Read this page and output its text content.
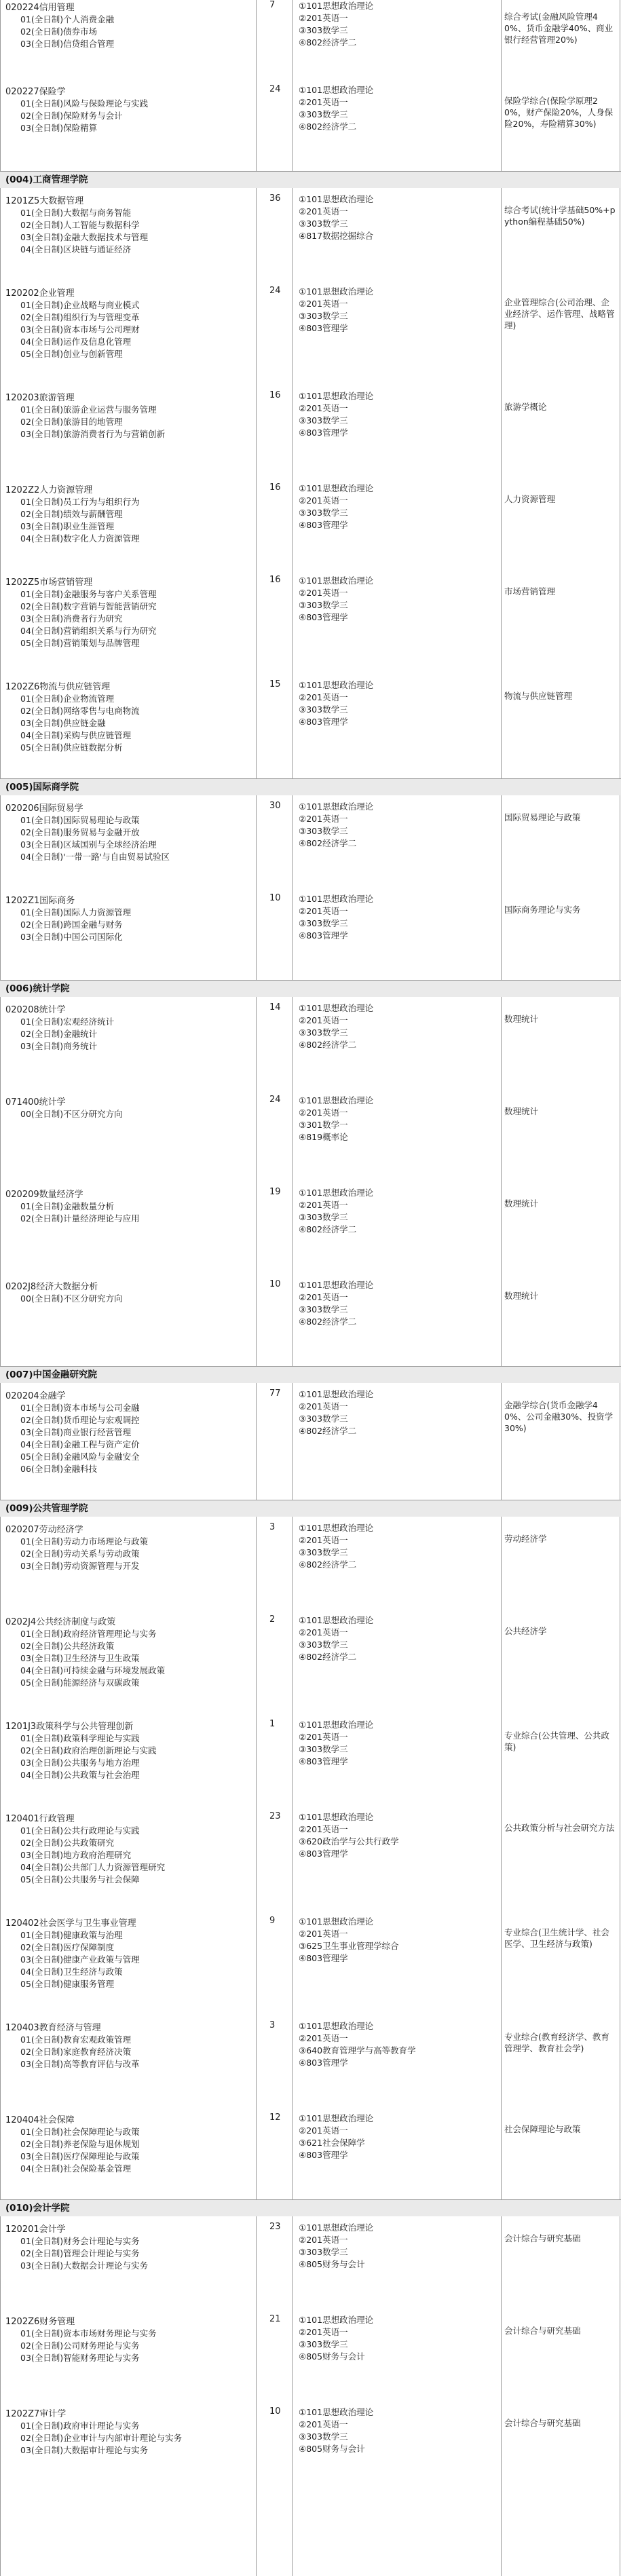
020224信用管理	7
01(全日制)个人消费金融
02(全日制)债券市场
03(全日制)信贷组合管理
①101思想政治理论
②201英语一
③303数学三
④802经济学二
综合考试(金融风险管理40%、货币金融学40%、商业银行经营管理20%)
020227保险学	24
01(全日制)风险与保险理论与实践
02(全日制)保险财务与会计
03(全日制)保险精算
①101思想政治理论
②201英语一
③303数学三
④802经济学二
保险学综合(保险学原理20%，财产保险20%，人身保险20%，寿险精算30%)
(004)工商管理学院
1201Z5大数据管理	36
01(全日制)大数据与商务智能
02(全日制)人工智能与数据科学
03(全日制)金融大数据技术与管理
04(全日制)区块链与通证经济
①101思想政治理论
②201英语一
③303数学三
④817数据挖掘综合
综合考试(统计学基础50%+python编程基础50%)
120202企业管理	24
01(全日制)企业战略与商业模式
02(全日制)组织行为与管理变革
03(全日制)资本市场与公司理财
04(全日制)运作及信息化管理
05(全日制)创业与创新管理
①101思想政治理论
②201英语一
③303数学三
④803管理学
企业管理综合(公司治理、企业经济学、运作管理、战略管理)
120203旅游管理	16
01(全日制)旅游企业运营与服务管理
02(全日制)旅游目的地管理
03(全日制)旅游消费者行为与营销创新
①101思想政治理论
②201英语一
③303数学三
④803管理学
旅游学概论
1202Z2人力资源管理	16
01(全日制)员工行为与组织行为
02(全日制)绩效与薪酬管理
03(全日制)职业生涯管理
04(全日制)数字化人力资源管理
①101思想政治理论
②201英语一
③303数学三
④803管理学
人力资源管理
1202Z5市场营销管理	16
01(全日制)金融服务与客户关系管理
02(全日制)数字营销与智能营销研究
03(全日制)消费者行为研究
04(全日制)营销组织关系与行为研究
05(全日制)营销策划与品牌管理
①101思想政治理论
②201英语一
③303数学三
④803管理学
市场营销管理
1202Z6物流与供应链管理	15
01(全日制)企业物流管理
02(全日制)网络零售与电商物流
03(全日制)供应链金融
04(全日制)采购与供应链管理
05(全日制)供应链数据分析
①101思想政治理论
②201英语一
③303数学三
④803管理学
物流与供应链管理
(005)国际商学院
020206国际贸易学	30
01(全日制)国际贸易理论与政策
02(全日制)服务贸易与金融开放
03(全日制)区域国别与全球经济治理
04(全日制)'一带一路'与自由贸易试验区
①101思想政治理论
②201英语一
③303数学三
④802经济学二
国际贸易理论与政策
1202Z1国际商务	10
01(全日制)国际人力资源管理
02(全日制)跨国金融与财务
03(全日制)中国公司国际化
①101思想政治理论
②201英语一
③303数学三
④803管理学
国际商务理论与实务
(006)统计学院
020208统计学	14
01(全日制)宏观经济统计
02(全日制)金融统计
03(全日制)商务统计
①101思想政治理论
②201英语一
③303数学三
④802经济学二
数理统计
071400统计学	24
00(全日制)不区分研究方向
①101思想政治理论
②201英语一
③301数学一
④819概率论
数理统计
020209数量经济学	19
01(全日制)金融数量分析
02(全日制)计量经济理论与应用
①101思想政治理论
②201英语一
③303数学三
④802经济学二
数理统计
0202J8经济大数据分析	10
00(全日制)不区分研究方向
①101思想政治理论
②201英语一
③303数学三
④802经济学二
数理统计
(007)中国金融研究院
020204金融学	77
01(全日制)资本市场与公司金融
02(全日制)货币理论与宏观调控
03(全日制)商业银行经营管理
04(全日制)金融工程与资产定价
05(全日制)金融风险与金融安全
06(全日制)金融科技
①101思想政治理论
②201英语一
③303数学三
④802经济学二
金融学综合(货币金融学40%、公司金融30%、投资学30%)
(009)公共管理学院
020207劳动经济学	3
01(全日制)劳动力市场理论与政策
02(全日制)劳动关系与劳动政策
03(全日制)劳动资源管理与开发
①101思想政治理论
②201英语一
③303数学三
④802经济学二
劳动经济学
0202J4公共经济制度与政策	2
01(全日制)政府经济管理理论与实务
02(全日制)公共经济政策
03(全日制)卫生经济与卫生政策
04(全日制)可持续金融与环境发展政策
05(全日制)能源经济与双碳政策
①101思想政治理论
②201英语一
③303数学三
④802经济学二
公共经济学
1201J3政策科学与公共管理创新	1
01(全日制)政策科学理论与实践
02(全日制)政府治理创新理论与实践
03(全日制)公共服务与地方治理
04(全日制)公共政策与社会治理
①101思想政治理论
②201英语一
③303数学三
④803管理学
专业综合(公共管理、公共政策)
120401行政管理	23
01(全日制)公共行政理论与实践
02(全日制)公共政策研究
03(全日制)地方政府治理研究
04(全日制)公共部门人力资源管理研究
05(全日制)公共服务与社会保障
①101思想政治理论
②201英语一
③620政治学与公共行政学
④803管理学
公共政策分析与社会研究方法
120402社会医学与卫生事业管理	9
01(全日制)健康政策与治理
02(全日制)医疗保障制度
03(全日制)健康产业政策与管理
04(全日制)卫生经济与政策
05(全日制)健康服务管理
①101思想政治理论
②201英语一
③625卫生事业管理学综合
④803管理学
专业综合(卫生统计学、社会医学、卫生经济与政策)
120403教育经济与管理	3
01(全日制)教育宏观政策管理
02(全日制)家庭教育经济决策
03(全日制)高等教育评估与改革
①101思想政治理论
②201英语一
③640教育管理学与高等教育学
④803管理学
专业综合(教育经济学、教育管理学、教育社会学)
120404社会保障	12
01(全日制)社会保障理论与政策
02(全日制)养老保险与退休规划
03(全日制)医疗保障理论与政策
04(全日制)社会保险基金管理
①101思想政治理论
②201英语一
③621社会保障学
④803管理学
社会保障理论与政策
(010)会计学院
120201会计学	23
01(全日制)财务会计理论与实务
02(全日制)管理会计理论与实务
03(全日制)大数据会计理论与实务
①101思想政治理论
②201英语一
③303数学三
④805财务与会计
会计综合与研究基础
1202Z6财务管理	21
01(全日制)资本市场财务理论与实务
02(全日制)公司财务理论与实务
03(全日制)智能财务理论与实务
①101思想政治理论
②201英语一
③303数学三
④805财务与会计
会计综合与研究基础
1202Z7审计学	10
01(全日制)政府审计理论与实务
02(全日制)企业审计与内部审计理论与实务
03(全日制)大数据审计理论与实务
①101思想政治理论
②201英语一
③303数学三
④805财务与会计
会计综合与研究基础
